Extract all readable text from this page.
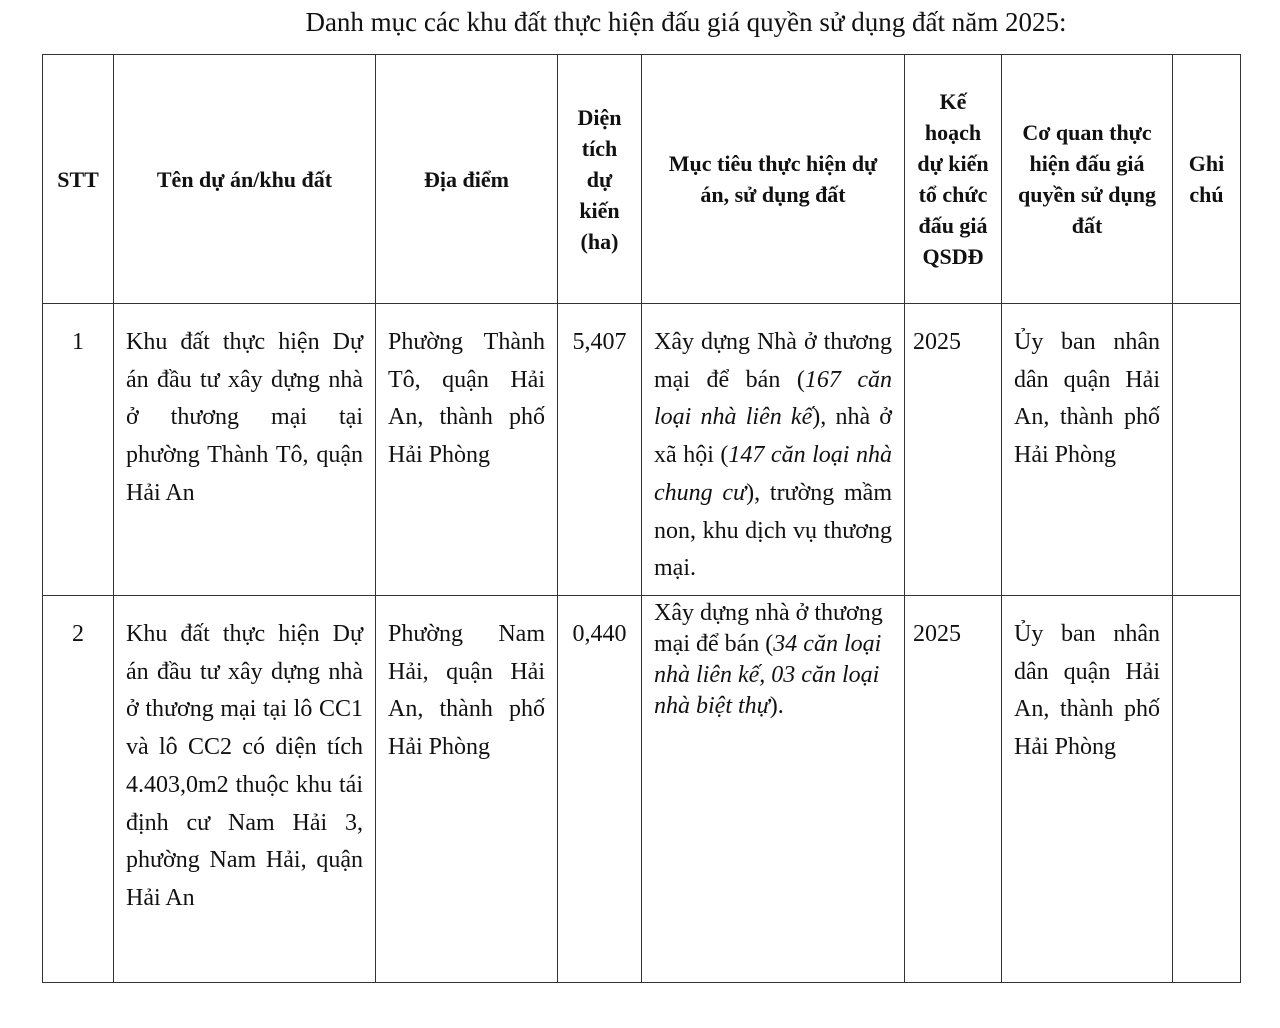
Danh mục các khu đất thực hiện đấu giá quyền sử dụng đất năm 2025:
STT	Tên dự án/khu đất	Địa điểm	Diện tích dự kiến (ha)	Mục tiêu thực hiện dự án, sử dụng đất	Kế hoạch dự kiến tổ chức đấu giá QSDĐ	Cơ quan thực hiện đấu giá quyền sử dụng đất	Ghi chú

1	Khu đất thực hiện Dự án đầu tư xây dựng nhà ở thương mại tại phường Thành Tô, quận Hải An	Phường Thành Tô, quận Hải An, thành phố Hải Phòng	5,407	Xây dựng Nhà ở thương mại để bán (167 căn loại nhà liên kế), nhà ở xã hội (147 căn loại nhà chung cư), trường mầm non, khu dịch vụ thương mại.	2025	Ủy ban nhân dân quận Hải An, thành phố Hải Phòng	

2	Khu đất thực hiện Dự án đầu tư xây dựng nhà ở thương mại tại lô CC1 và lô CC2 có diện tích 4.403,0m2 thuộc khu tái định cư Nam Hải 3, phường Nam Hải, quận Hải An	Phường Nam Hải, quận Hải An, thành phố Hải Phòng	0,440	Xây dựng nhà ở thương mại để bán (34 căn loại nhà liên kế, 03 căn loại nhà biệt thự).	2025	Ủy ban nhân dân quận Hải An, thành phố Hải Phòng	
